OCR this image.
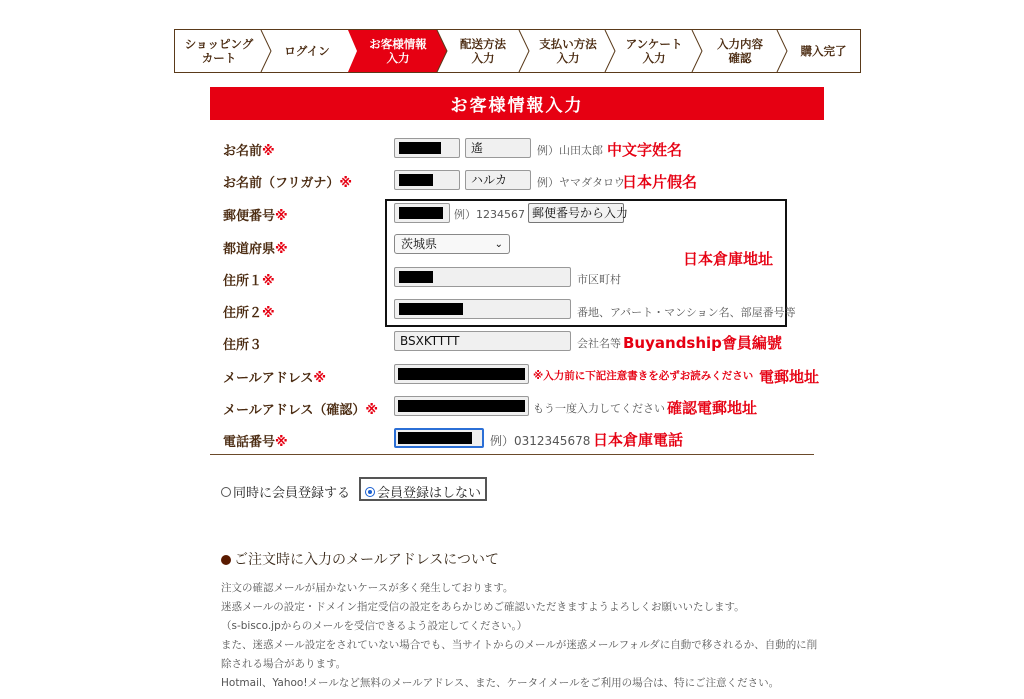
ショッピング
カート	ログイン	お客様情報
入力
配送方法
入力
支払い方法
入力
アンケート
入力
入力内容
確認	購入完了
お客様情報入力
お名前※	遙	例）山田太郎 中文字姓名
お名前（フリガナ）※	ハルカ	例）ヤマダタロウ
日本片假名
郵便番号※	例）1234567 郵便番号から入力
都道府県※	茨城県	⌄
日本倉庫地址
住所１※	市区町村
住所２※	番地、アパート・マンション名、部屋番号等
住所３	BSXKTTTT	会社名等 Buyandship會員編號
メールアドレス※	※入力前に下記注意書きを必ずお読みください 電郵地址
メールアドレス（確認）※	もう一度入力してください 確認電郵地址
電話番号※	例）0312345678 日本倉庫電話
同時に会員登録する 会員登録はしない
ご注文時に入力のメールアドレスについて
注文の確認メールが届かないケースが多く発生しております。
迷惑メールの設定・ドメイン指定受信の設定をあらかじめご確認いただきますようよろしくお願いいたします。
（s-bisco.jpからのメールを受信できるよう設定してください。）
また、迷惑メール設定をされていない場合でも、当サイトからのメールが迷惑メールフォルダに自動で移されるか、自動的に削
除される場合があります。
Hotmail、Yahoo!メールなど無料のメールアドレス、また、ケータイメールをご利用の場合は、特にご注意ください。
